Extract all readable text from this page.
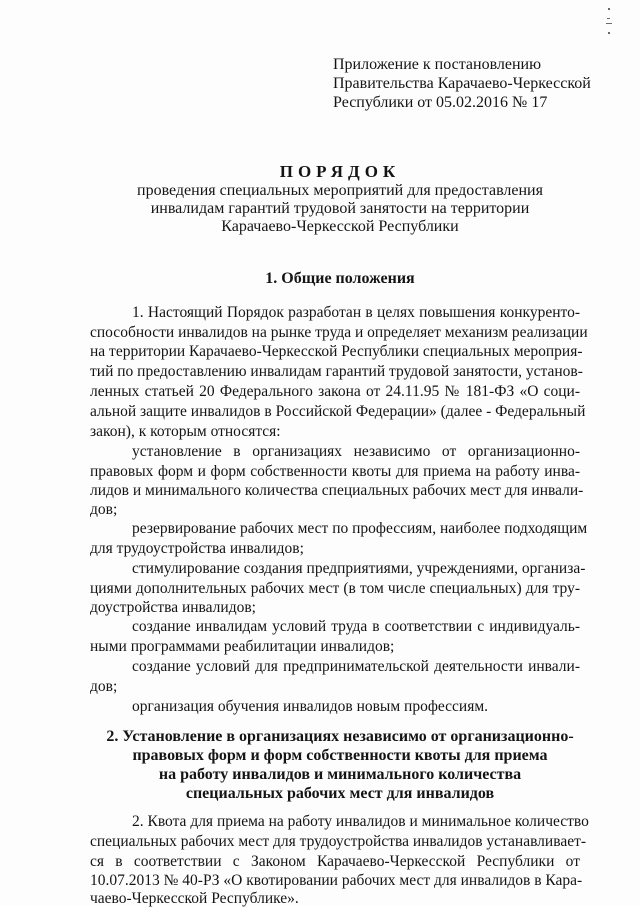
Приложение к постановлению
Правительства Карачаево-Черкесской
Республики от 05.02.2016 № 17
ПОРЯДОК
проведения специальных мероприятий для предоставления
инвалидам гарантий трудовой занятости на территории
Карачаево-Черкесской Республики
1. Общие положения
1. Настоящий Порядок разработан в целях повышения конкуренто-
способности инвалидов на рынке труда и определяет механизм реализации
на территории Карачаево-Черкесской Республики специальных мероприя-
тий по предоставлению инвалидам гарантий трудовой занятости, установ-
ленных статьей 20 Федерального закона от 24.11.95 № 181-ФЗ «О соци-
альной защите инвалидов в Российской Федерации» (далее - Федеральный
закон), к которым относятся:
установление в организациях независимо от организационно-
правовых форм и форм собственности квоты для приема на работу инва-
лидов и минимального количества специальных рабочих мест для инвали-
дов;
резервирование рабочих мест по профессиям, наиболее подходящим
для трудоустройства инвалидов;
стимулирование создания предприятиями, учреждениями, организа-
циями дополнительных рабочих мест (в том числе специальных) для тру-
доустройства инвалидов;
создание инвалидам условий труда в соответствии с индивидуаль-
ными программами реабилитации инвалидов;
создание условий для предпринимательской деятельности инвали-
дов;
организация обучения инвалидов новым профессиям.
2. Установление в организациях независимо от организационно-
правовых форм и форм собственности квоты для приема
на работу инвалидов и минимального количества
специальных рабочих мест для инвалидов
2. Квота для приема на работу инвалидов и минимальное количество
специальных рабочих мест для трудоустройства инвалидов устанавливает-
ся в соответствии с Законом Карачаево-Черкесской Республики от
10.07.2013 № 40-РЗ «О квотировании рабочих мест для инвалидов в Кара-
чаево-Черкесской Республике».
